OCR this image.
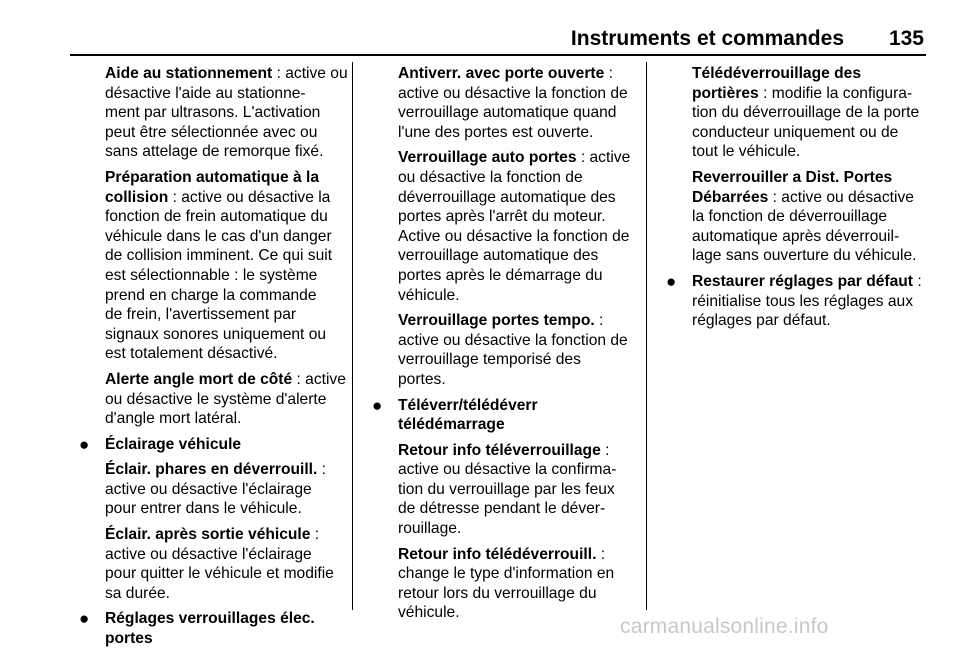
Instruments et commandes 135
Aide au stationnement : active ou
désactive l'aide au stationne-
ment par ultrasons. L'activation
peut être sélectionnée avec ou
sans attelage de remorque fixé.
Préparation automatique à la
collision : active ou désactive la
fonction de frein automatique du
véhicule dans le cas d'un danger
de collision imminent. Ce qui suit
est sélectionnable : le système
prend en charge la commande
de frein, l'avertissement par
signaux sonores uniquement ou
est totalement désactivé.
Alerte angle mort de côté : active
ou désactive le système d'alerte
d'angle mort latéral.
● Éclairage véhicule
Éclair. phares en déverrouill. :
active ou désactive l'éclairage
pour entrer dans le véhicule.
Éclair. après sortie véhicule :
active ou désactive l'éclairage
pour quitter le véhicule et modifie
sa durée.
● Réglages verrouillages élec.
portes
Antiverr. avec porte ouverte :
active ou désactive la fonction de
verrouillage automatique quand
l'une des portes est ouverte.
Verrouillage auto portes : active
ou désactive la fonction de
déverrouillage automatique des
portes après l'arrêt du moteur.
Active ou désactive la fonction de
verrouillage automatique des
portes après le démarrage du
véhicule.
Verrouillage portes tempo. :
active ou désactive la fonction de
verrouillage temporisé des
portes.
● Téléverr/télédéverr
télédémarrage
Retour info téléverrouillage :
active ou désactive la confirma-
tion du verrouillage par les feux
de détresse pendant le déver-
rouillage.
Retour info télédéverrouill. :
change le type d'information en
retour lors du verrouillage du
véhicule.
Télédéverrouillage des
portières : modifie la configura-
tion du déverrouillage de la porte
conducteur uniquement ou de
tout le véhicule.
Reverrouiller a Dist. Portes
Débarrées : active ou désactive
la fonction de déverrouillage
automatique après déverrouil-
lage sans ouverture du véhicule.
● Restaurer réglages par défaut :
réinitialise tous les réglages aux
réglages par défaut.
carmanualsonline.info
